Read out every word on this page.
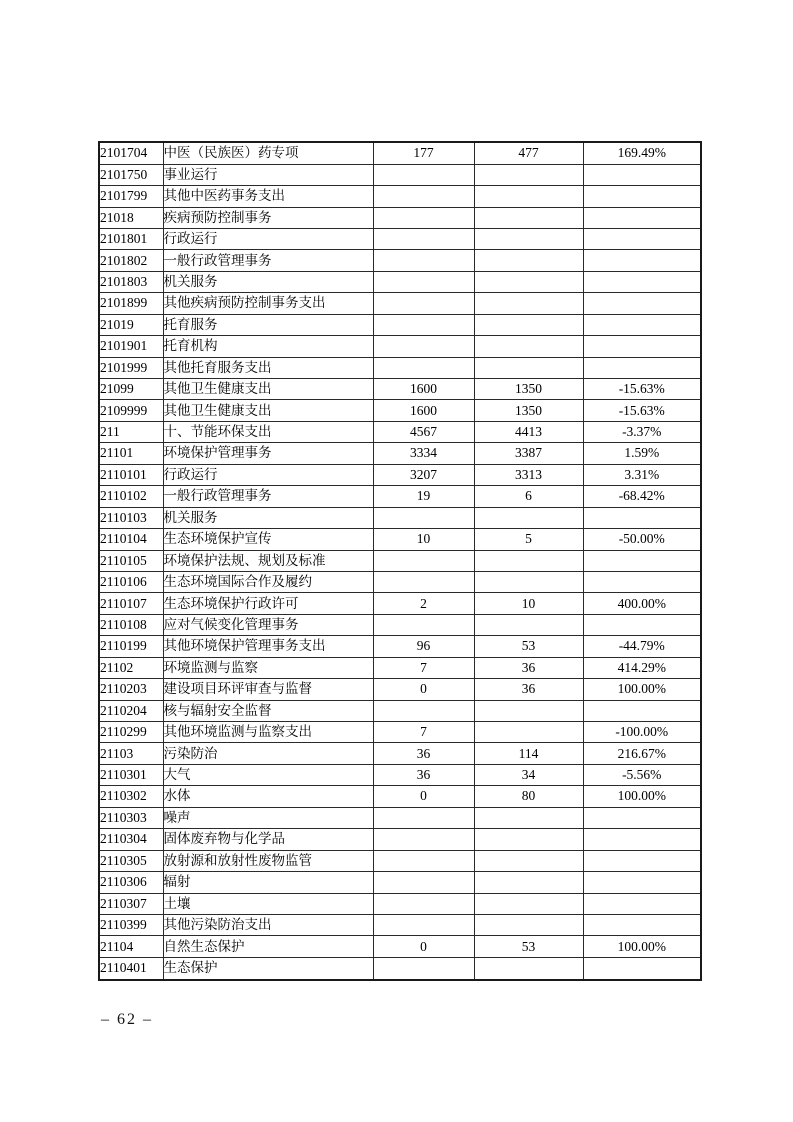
2101704	中医（民族医）药专项	177	477	169.49%
2101750	事业运行			
2101799	其他中医药事务支出			
21018	疾病预防控制事务			
2101801	行政运行			
2101802	一般行政管理事务			
2101803	机关服务			
2101899	其他疾病预防控制事务支出			
21019	托育服务			
2101901	托育机构			
2101999	其他托育服务支出			
21099	其他卫生健康支出	1600	1350	-15.63%
2109999	其他卫生健康支出	1600	1350	-15.63%
211	十、节能环保支出	4567	4413	-3.37%
21101	环境保护管理事务	3334	3387	1.59%
2110101	行政运行	3207	3313	3.31%
2110102	一般行政管理事务	19	6	-68.42%
2110103	机关服务			
2110104	生态环境保护宣传	10	5	-50.00%
2110105	环境保护法规、规划及标准			
2110106	生态环境国际合作及履约			
2110107	生态环境保护行政许可	2	10	400.00%
2110108	应对气候变化管理事务			
2110199	其他环境保护管理事务支出	96	53	-44.79%
21102	环境监测与监察	7	36	414.29%
2110203	建设项目环评审查与监督	0	36	100.00%
2110204	核与辐射安全监督			
2110299	其他环境监测与监察支出	7		-100.00%
21103	污染防治	36	114	216.67%
2110301	大气	36	34	-5.56%
2110302	水体	0	80	100.00%
2110303	噪声			
2110304	固体废弃物与化学品			
2110305	放射源和放射性废物监管			
2110306	辐射			
2110307	土壤			
2110399	其他污染防治支出			
21104	自然生态保护	0	53	100.00%
2110401	生态保护			
– 62 –
